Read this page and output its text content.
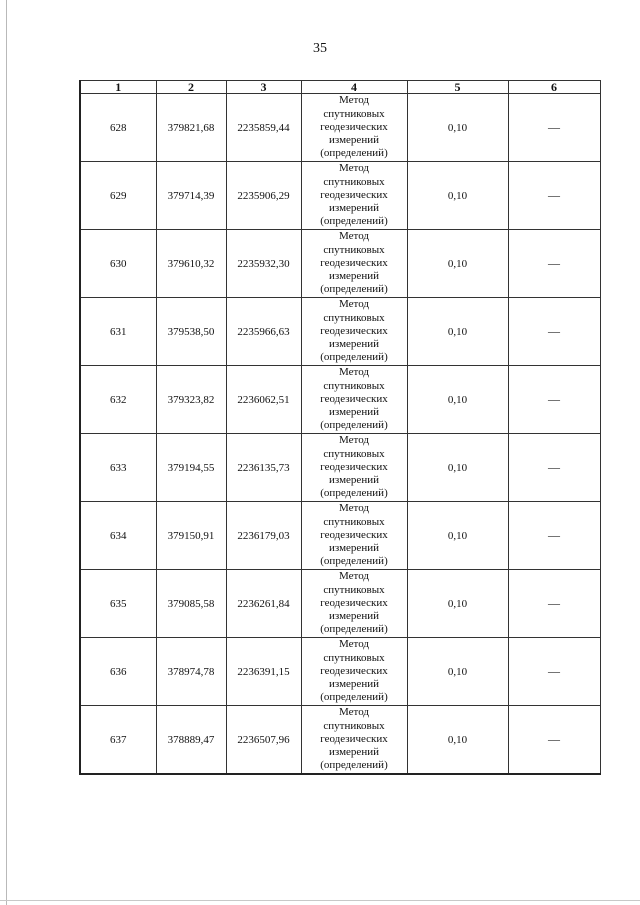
35
1	2	3	4	5	6
628	379821,68	2235859,44	Метод
спутниковых
геодезических
измерений
(определений)	0,10	—
629	379714,39	2235906,29	Метод
спутниковых
геодезических
измерений
(определений)	0,10	—
630	379610,32	2235932,30	Метод
спутниковых
геодезических
измерений
(определений)	0,10	—
631	379538,50	2235966,63	Метод
спутниковых
геодезических
измерений
(определений)	0,10	—
632	379323,82	2236062,51	Метод
спутниковых
геодезических
измерений
(определений)	0,10	—
633	379194,55	2236135,73	Метод
спутниковых
геодезических
измерений
(определений)	0,10	—
634	379150,91	2236179,03	Метод
спутниковых
геодезических
измерений
(определений)	0,10	—
635	379085,58	2236261,84	Метод
спутниковых
геодезических
измерений
(определений)	0,10	—
636	378974,78	2236391,15	Метод
спутниковых
геодезических
измерений
(определений)	0,10	—
637	378889,47	2236507,96	Метод
спутниковых
геодезических
измерений
(определений)	0,10	—
